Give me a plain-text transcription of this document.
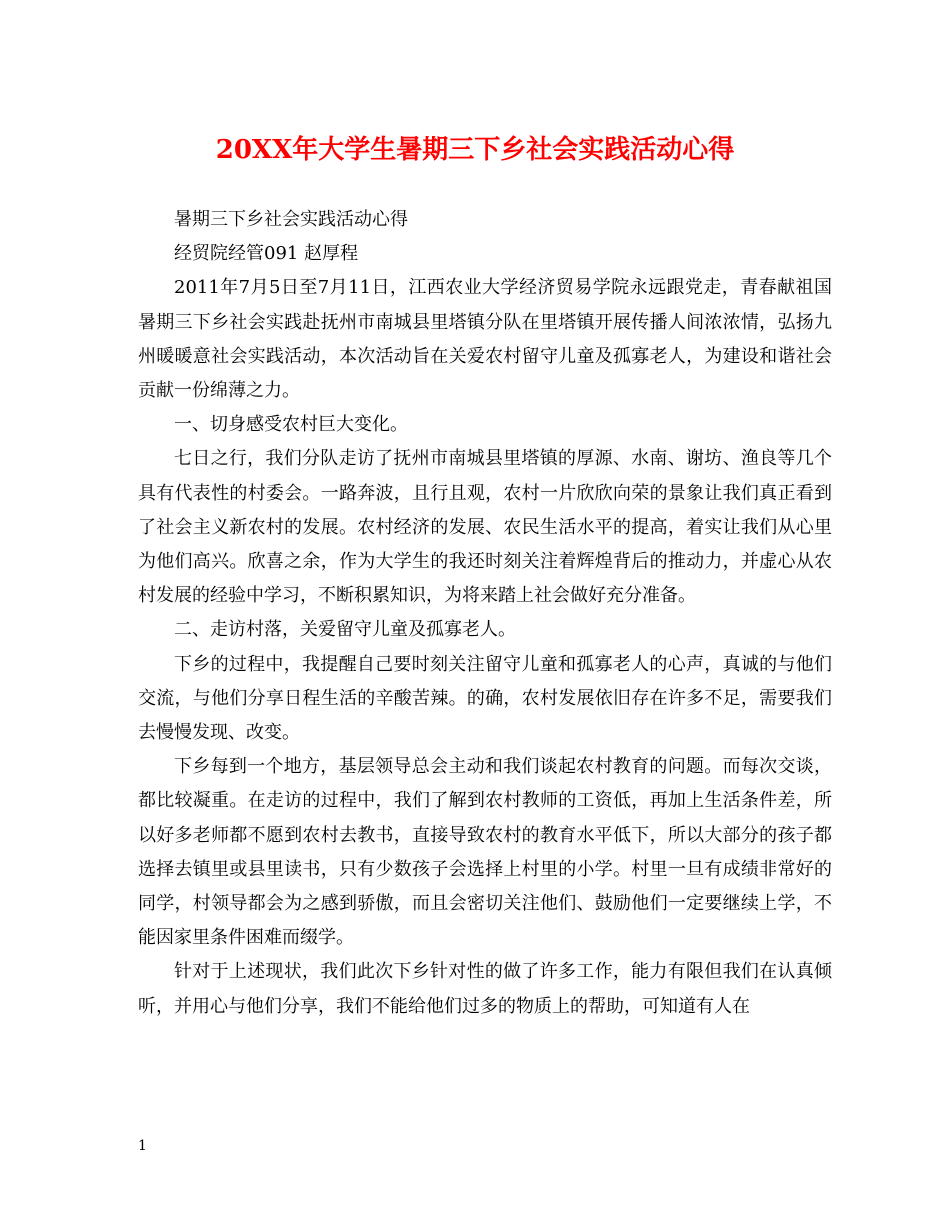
20XX年大学生暑期三下乡社会实践活动心得

暑期三下乡社会实践活动心得

经贸院经管091 赵厚程

2011年7月5日至7月11日，江西农业大学经济贸易学院永远跟党走，青春献祖国 暑期三下乡社会实践赴抚州市南城县里塔镇分队在里塔镇开展传播人间浓浓情，弘扬九州暖暖意社会实践活动，本次活动旨在关爱农村留守儿童及孤寡老人，为建设和谐社会贡献一份绵薄之力。

一、切身感受农村巨大变化。

七日之行，我们分队走访了抚州市南城县里塔镇的厚源、水南、谢坊、渔良等几个具有代表性的村委会。一路奔波，且行且观，农村一片欣欣向荣的景象让我们真正看到了社会主义新农村的发展。农村经济的发展、农民生活水平的提高，着实让我们从心里为他们高兴。欣喜之余，作为大学生的我还时刻关注着辉煌背后的推动力，并虚心从农村发展的经验中学习，不断积累知识，为将来踏上社会做好充分准备。

二、走访村落，关爱留守儿童及孤寡老人。

下乡的过程中，我提醒自己要时刻关注留守儿童和孤寡老人的心声，真诚的与他们交流，与他们分享日程生活的辛酸苦辣。的确，农村发展依旧存在许多不足，需要我们去慢慢发现、改变。

下乡每到一个地方，基层领导总会主动和我们谈起农村教育的问题。而每次交谈，都比较凝重。在走访的过程中，我们了解到农村教师的工资低，再加上生活条件差，所以好多老师都不愿到农村去教书，直接导致农村的教育水平低下，所以大部分的孩子都选择去镇里或县里读书，只有少数孩子会选择上村里的小学。村里一旦有成绩非常好的同学，村领导都会为之感到骄傲，而且会密切关注他们、鼓励他们一定要继续上学，不能因家里条件困难而缀学。

针对于上述现状，我们此次下乡针对性的做了许多工作，能力有限但我们在认真倾听，并用心与他们分享，我们不能给他们过多的物质上的帮助，可知道有人在

1
